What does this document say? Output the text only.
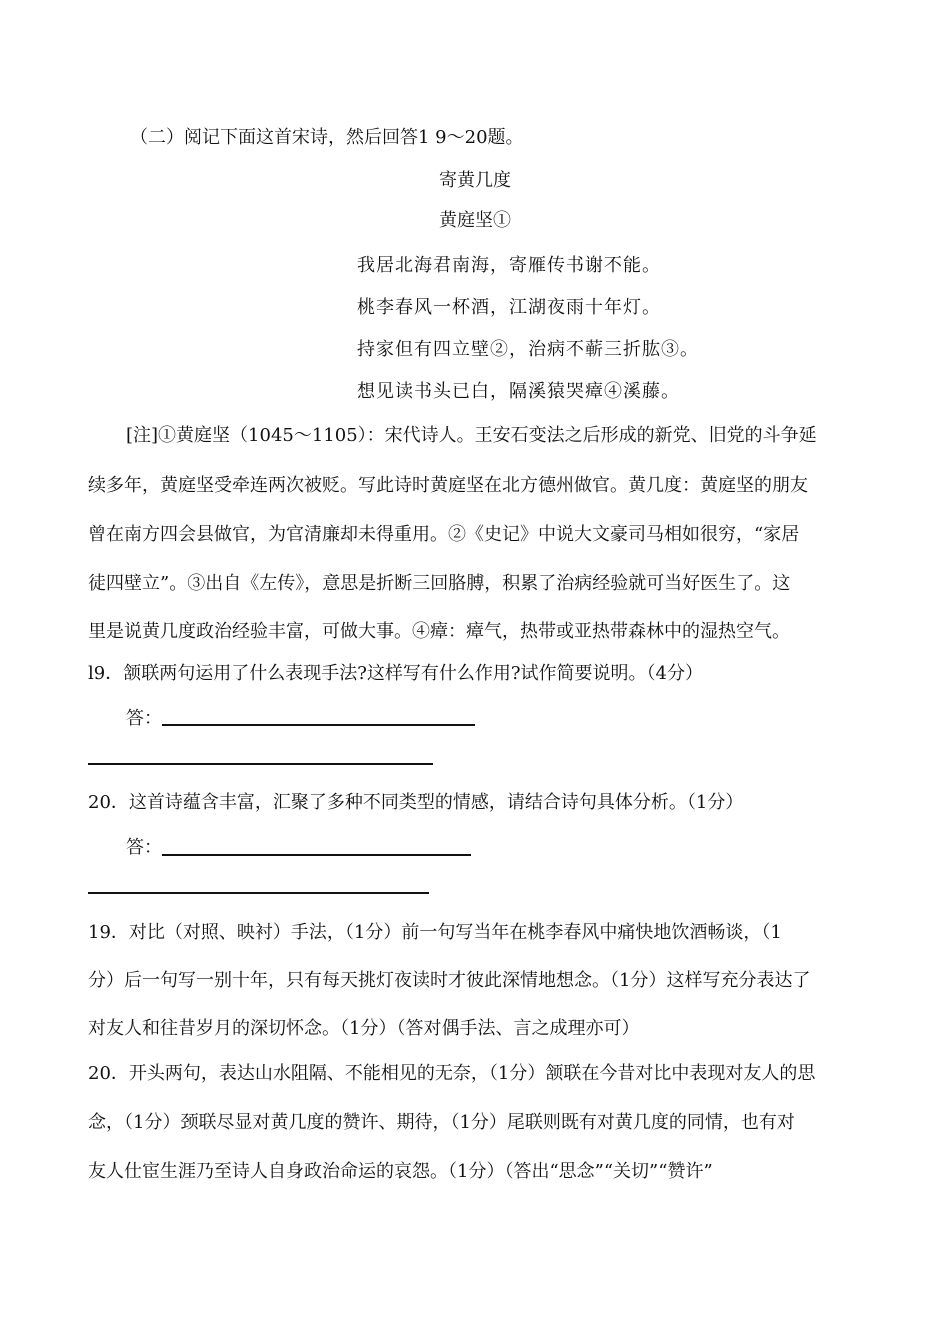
（二）阅记下面这首宋诗，然后回答1 9～20题。
寄黄几度
黄庭坚①
我居北海君南海，寄雁传书谢不能。
桃李春风一杯酒，江湖夜雨十年灯。
持家但有四立壁②，治病不蕲三折肱③。
想见读书头已白，隔溪猿哭瘴④溪藤。
[注]①黄庭坚（1045～1105）：宋代诗人。王安石变法之后形成的新党、旧党的斗争延
续多年，黄庭坚受牵连两次被贬。写此诗时黄庭坚在北方德州做官。黄几度：黄庭坚的朋友
曾在南方四会县做官，为官清廉却未得重用。②《史记》中说大文豪司马相如很穷，“家居
徒四壁立”。③出自《左传》，意思是折断三回胳膊，积累了治病经验就可当好医生了。这
里是说黄几度政治经验丰富，可做大事。④瘴：瘴气，热带或亚热带森林中的湿热空气。
l9．颔联两句运用了什么表现手法?这样写有什么作用?试作简要说明。（4分）
答：
20．这首诗蕴含丰富，汇聚了多种不同类型的情感，请结合诗句具体分析。（1分）
答：
19．对比（对照、映衬）手法，（1分）前一句写当年在桃李春风中痛快地饮酒畅谈，（1
分）后一句写一别十年，只有每天挑灯夜读时才彼此深情地想念。（1分）这样写充分表达了
对友人和往昔岁月的深切怀念。（1分）（答对偶手法、言之成理亦可）
20．开头两句，表达山水阻隔、不能相见的无奈，（1分）颔联在今昔对比中表现对友人的思
念，（1分）颈联尽显对黄几度的赞许、期待，（1分）尾联则既有对黄几度的同情，也有对
友人仕宦生涯乃至诗人自身政治命运的哀怨。（1分）（答出“思念”“关切”“赞许”
